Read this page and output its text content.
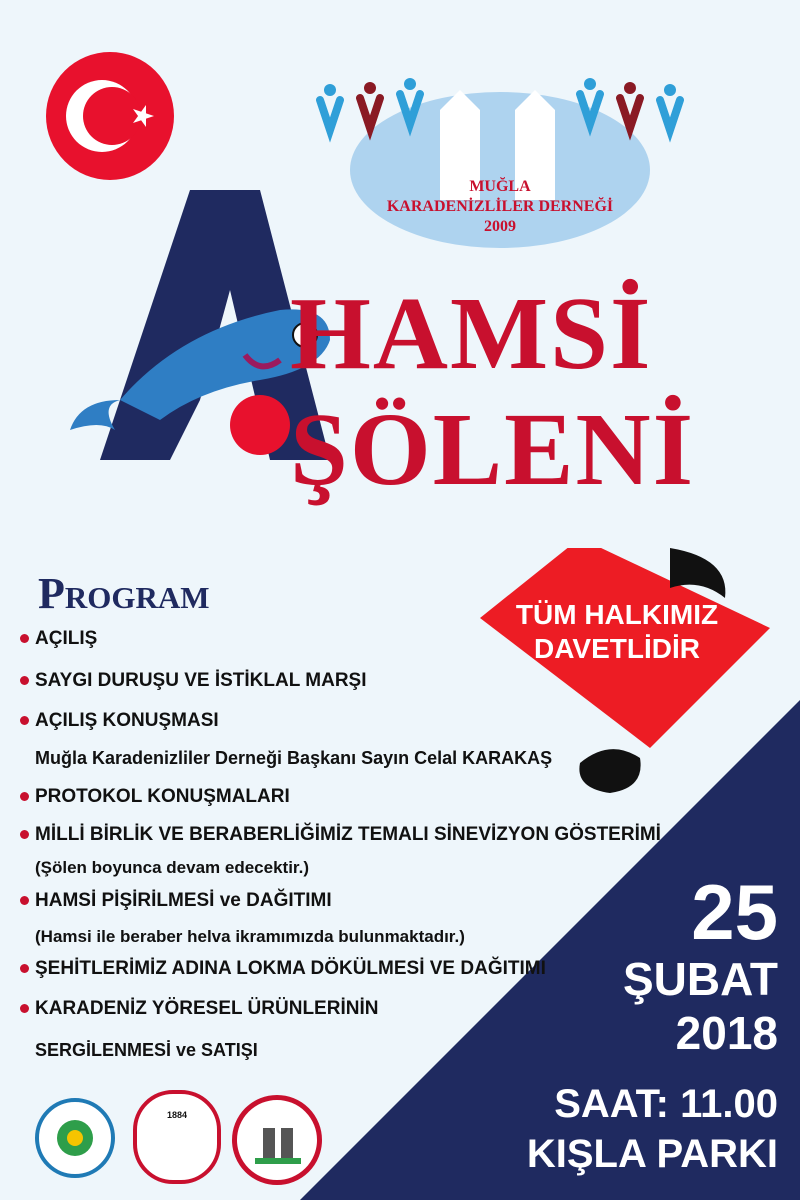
MUĞLA
KARADENİZLİLER DERNEĞİ
2009
HAMSİ
ŞÖLENİ
Program
AÇILIŞ
SAYGI DURUŞU VE İSTİKLAL MARŞI
AÇILIŞ KONUŞMASI
Muğla Karadenizliler Derneği Başkanı Sayın Celal KARAKAŞ
PROTOKOL KONUŞMALARI
MİLLİ BİRLİK VE BERABERLİĞİMİZ TEMALI SİNEVİZYON GÖSTERİMİ
(Şölen boyunca devam edecektir.)
HAMSİ PİŞİRİLMESİ ve DAĞITIMI
(Hamsi ile beraber helva ikramımızda bulunmaktadır.)
ŞEHİTLERİMİZ ADINA LOKMA DÖKÜLMESİ VE DAĞITIMI
KARADENİZ YÖRESEL ÜRÜNLERİNİN
SERGİLENMESİ ve SATIŞI
TÜM HALKIMIZ
DAVETLİDİR
25
ŞUBAT
2018
SAAT: 11.00
KIŞLA PARKI
1884
